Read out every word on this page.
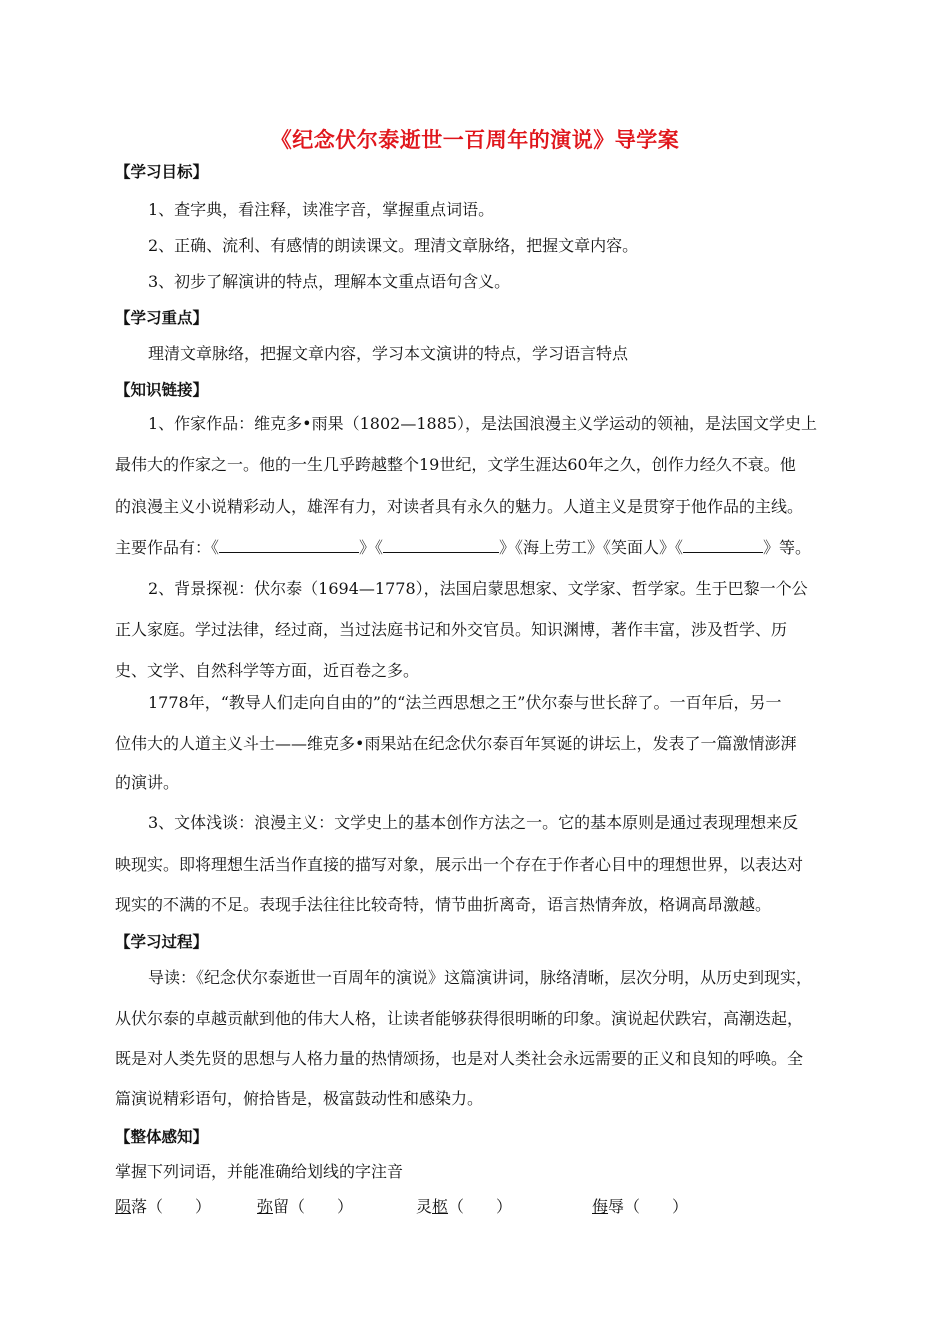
《纪念伏尔泰逝世一百周年的演说》导学案
【学习目标】
1、查字典，看注释，读准字音，掌握重点词语。
2、正确、流利、有感情的朗读课文。理清文章脉络，把握文章内容。
3、初步了解演讲的特点，理解本文重点语句含义。
【学习重点】
理清文章脉络，把握文章内容，学习本文演讲的特点，学习语言特点
【知识链接】
1、作家作品：维克多•雨果（1802—1885），是法国浪漫主义学运动的领袖，是法国文学史上
最伟大的作家之一。他的一生几乎跨越整个19世纪，文学生涯达60年之久，创作力经久不衰。他
的浪漫主义小说精彩动人，雄浑有力，对读者具有永久的魅力。人道主义是贯穿于他作品的主线。
主要作品有：《	》《	》《海上劳工》《笑面人》《	》等。
2、背景探视：伏尔泰（1694—1778），法国启蒙思想家、文学家、哲学家。生于巴黎一个公
正人家庭。学过法律，经过商，当过法庭书记和外交官员。知识渊博，著作丰富，涉及哲学、历
史、文学、自然科学等方面，近百卷之多。
1778年，“教导人们走向自由的”的“法兰西思想之王”伏尔泰与世长辞了。一百年后，另一
位伟大的人道主义斗士——维克多•雨果站在纪念伏尔泰百年冥诞的讲坛上，发表了一篇激情澎湃
的演讲。
3、文体浅谈：浪漫主义：文学史上的基本创作方法之一。它的基本原则是通过表现理想来反
映现实。即将理想生活当作直接的描写对象，展示出一个存在于作者心目中的理想世界，以表达对
现实的不满的不足。表现手法往往比较奇特，情节曲折离奇，语言热情奔放，格调高昂激越。
【学习过程】
导读：《纪念伏尔泰逝世一百周年的演说》这篇演讲词，脉络清晰，层次分明，从历史到现实，
从伏尔泰的卓越贡献到他的伟大人格，让读者能够获得很明晰的印象。演说起伏跌宕，高潮迭起，
既是对人类先贤的思想与人格力量的热情颂扬，也是对人类社会永远需要的正义和良知的呼唤。全
篇演说精彩语句，俯拾皆是，极富鼓动性和感染力。
【整体感知】
掌握下列词语，并能准确给划线的字注音
陨落（　　）	弥留（　　）	灵柩（　　）	侮辱（　　）
